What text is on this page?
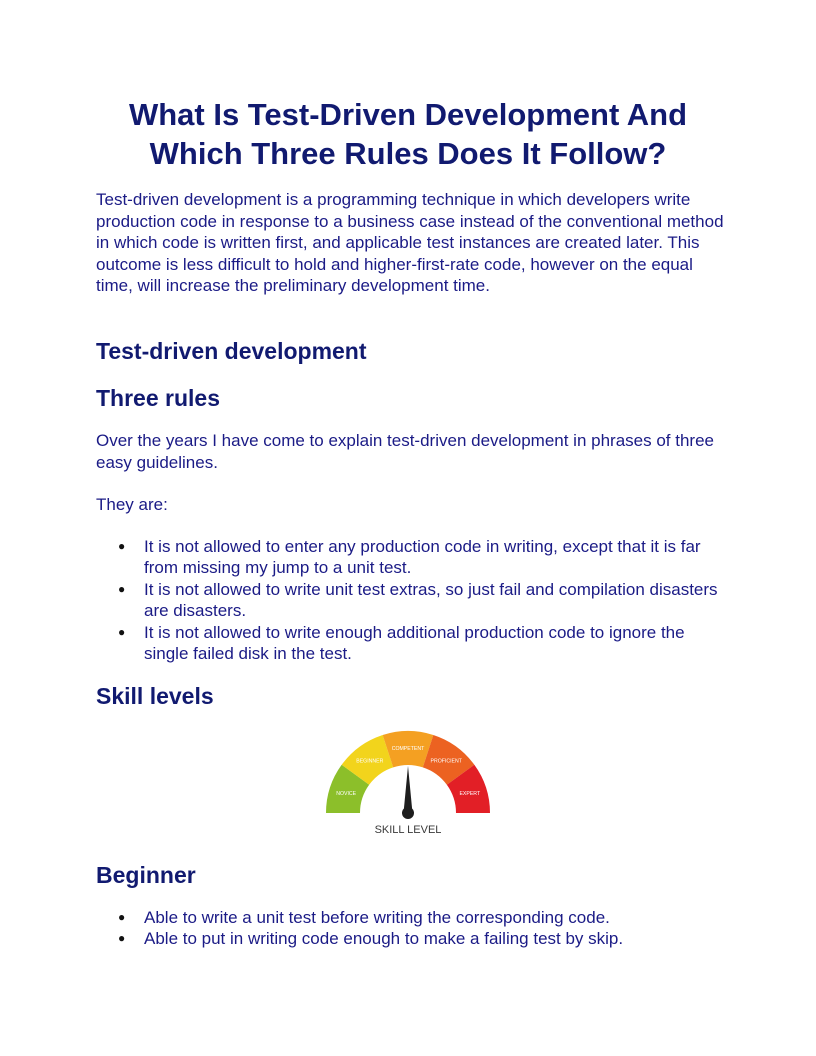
What Is Test-Driven Development And Which Three Rules Does It Follow?

Test-driven development is a programming technique in which developers write production code in response to a business case instead of the conventional method in which code is written first, and applicable test instances are created later. This outcome is less difficult to hold and higher-first-rate code, however on the equal time, will increase the preliminary development time.

Test-driven development
Three rules

Over the years I have come to explain test-driven development in phrases of three easy guidelines.

They are:

● It is not allowed to enter any production code in writing, except that it is far from missing my jump to a unit test.
● It is not allowed to write unit test extras, so just fail and compilation disasters are disasters.
● It is not allowed to write enough additional production code to ignore the single failed disk in the test.
Skill levels
NOVICE
BEGINNER
COMPETENT
PROFICIENT
EXPERT
SKILL LEVEL
Beginner
● Able to write a unit test before writing the corresponding code.
● Able to put in writing code enough to make a failing test by skip.
